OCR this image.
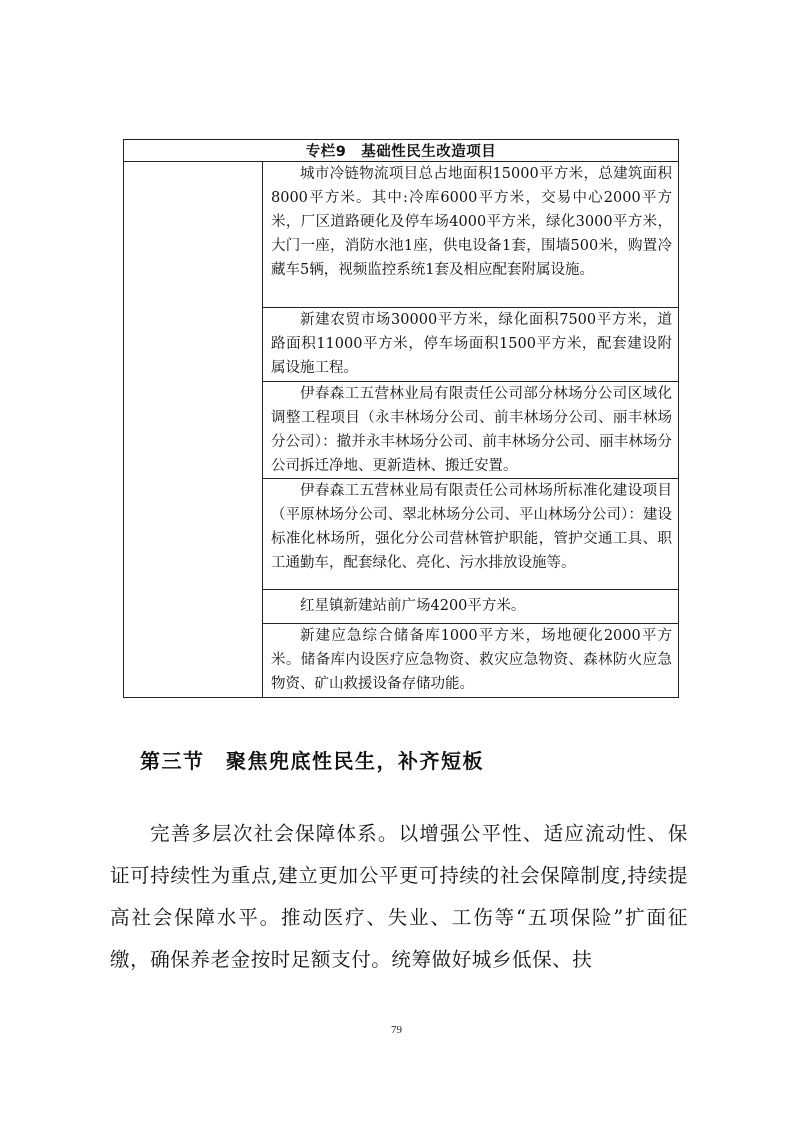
专栏9　基础性民生改造项目

城市冷链物流项目总占地面积15000平方米，总建筑面积8000平方米。其中:冷库6000平方米，交易中心2000平方米，厂区道路硬化及停车场4000平方米，绿化3000平方米，大门一座，消防水池1座，供电设备1套，围墙500米，购置冷藏车5辆，视频监控系统1套及相应配套附属设施。

新建农贸市场30000平方米，绿化面积7500平方米，道路面积11000平方米，停车场面积1500平方米，配套建设附属设施工程。

伊春森工五营林业局有限责任公司部分林场分公司区域化调整工程项目（永丰林场分公司、前丰林场分公司、丽丰林场分公司）：撤并永丰林场分公司、前丰林场分公司、丽丰林场分公司拆迁净地、更新造林、搬迁安置。

伊春森工五营林业局有限责任公司林场所标准化建设项目（平原林场分公司、翠北林场分公司、平山林场分公司）：建设标准化林场所，强化分公司营林管护职能，管护交通工具、职工通勤车，配套绿化、亮化、污水排放设施等。

红星镇新建站前广场4200平方米。

新建应急综合储备库1000平方米，场地硬化2000平方米。储备库内设医疗应急物资、救灾应急物资、森林防火应急物资、矿山救援设备存储功能。
第三节　聚焦兜底性民生，补齐短板

完善多层次社会保障体系。以增强公平性、适应流动性、保证可持续性为重点,建立更加公平更可持续的社会保障制度,持续提高社会保障水平。推动医疗、失业、工伤等“五项保险”扩面征缴，确保养老金按时足额支付。统筹做好城乡低保、扶

79
